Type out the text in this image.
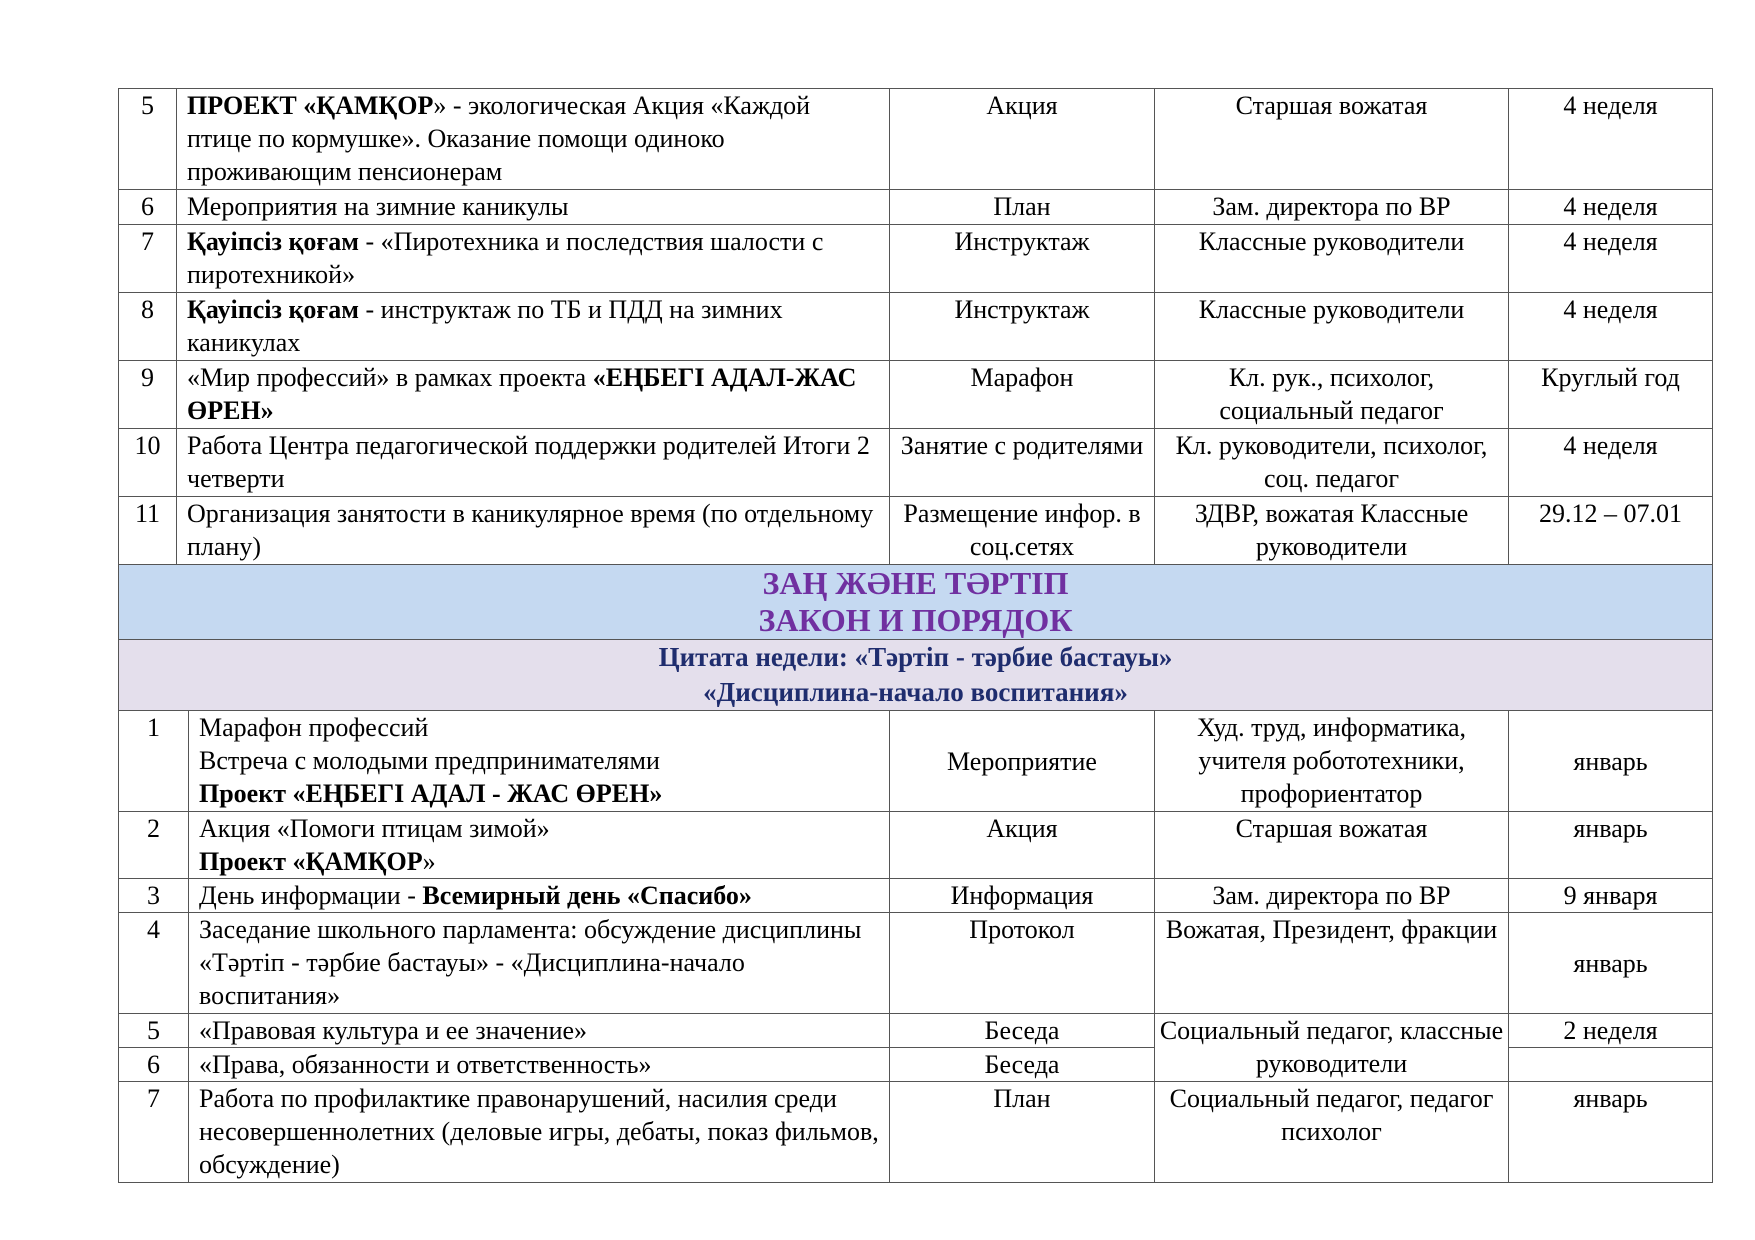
5	ПРОЕКТ «ҚАМҚОР» - экологическая Акция «Каждой птице по кормушке». Оказание помощи одиноко проживающим пенсионерам		Акция	Старшая вожатая	4 неделя
6	Мероприятия на зимние каникулы		План	Зам. директора по ВР	4 неделя
7	Қауіпсіз қоғам - «Пиротехника и последствия шалости с пиротехникой»		Инструктаж	Классные руководители	4 неделя
8	Қауіпсіз қоғам - инструктаж по ТБ и ПДД на зимних каникулах		Инструктаж	Классные руководители	4 неделя
9	«Мир профессий» в рамках проекта «ЕҢБЕГІ АДАЛ-ЖАС ӨРЕН»		Марафон	Кл. рук., психолог, социальный педагог	Круглый год
10	Работа Центра педагогической поддержки родителей Итоги 2 четверти		Занятие с родителями	Кл. руководители, психолог, соц. педагог	4 неделя
11	Организация занятости в каникулярное время (по отдельному плану)		Размещение инфор. в соц.сетях	ЗДВР, вожатая Классные руководители	29.12 – 07.01

ЗАҢ ЖӘНЕ ТӘРТІП
ЗАКОН И ПОРЯДОК					

Цитата недели: «Тәртіп - тәрбие бастауы»
«Дисциплина-начало воспитания»					

1		Марафон профессий
Встреча с молодыми предпринимателями
Проект «ЕҢБЕГІ АДАЛ - ЖАС ӨРЕН»	Мероприятие	Худ. труд, информатика, учителя робототехники, профориентатор	январь
2		Акция «Помоги птицам зимой»
Проект «ҚАМҚОР»	Акция	Старшая вожатая	январь
3		День информации - Всемирный день «Спасибо»	Информация	Зам. директора по ВР	9 января
4		Заседание школьного парламента: обсуждение дисциплины «Тәртіп - тәрбие бастауы» - «Дисциплина-начало воспитания»	Протокол	Вожатая, Президент, фракции	январь
5		«Правовая культура и ее значение»	Беседа	Социальный педагог, классные руководители	2 неделя
6		«Права, обязанности и ответственность»	Беседа		
7		Работа по профилактике правонарушений, насилия среди несовершеннолетних (деловые игры, дебаты, показ фильмов, обсуждение)	План	Социальный педагог, педагог психолог	январь
